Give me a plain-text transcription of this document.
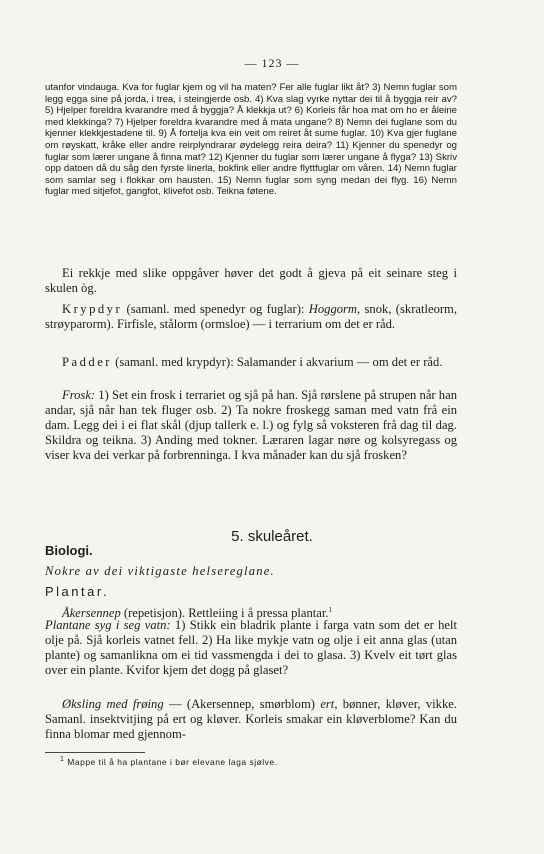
— 123 —
utanfor vindauga. Kva for fuglar kjem og vil ha maten? Fer alle fuglar likt åt? 3) Nemn fuglar som legg egga sine på jorda, i trea, i steingjerde osb. 4) Kva slag vyrke nyttar dei til å byggja reir av? 5) Hjelper foreldra kvarandre med å byggja? Å klekkja ut? 6) Korleis får hoa mat om ho er åleine med klekkinga? 7) Hjelper foreldra kvarandre med å mata ungane? 8) Nemn dei fuglane som du kjenner klekkjestadene til. 9) Å fortelja kva ein veit om reiret åt sume fuglar. 10) Kva gjer fuglane om røyskatt, kråke eller andre reirplyndrarar øydelegg reira deira? 11) Kjenner du spenedyr og fuglar som lærer ungane å finna mat? 12) Kjenner du fuglar som lærer ungane å flyga? 13) Skriv opp datoen då du såg den fyrste linerla, bokfink eller andre flyttfuglar om våren. 14) Nemn fuglar som samlar seg i flokkar om hausten. 15) Nemn fuglar som syng medan dei flyg. 16) Nemn fuglar med sitjefot, gangfot, klivefot osb. Teikna føtene.

Ei rekkje med slike oppgåver høver det godt å gjeva på eit seinare steg i skulen òg.

Krypdyr (samanl. med spenedyr og fuglar): Hoggorm, snok, (skratleorm, strøyparorm). Firfisle, stålorm (ormsloe) — i terrarium om det er råd.

Padder (samanl. med krypdyr): Salamander i akvarium — om det er råd.

Frosk: 1) Set ein frosk i terrariet og sjå på han. Sjå rørslene på strupen når han andar, sjå når han tek fluger osb. 2) Ta nokre froskegg saman med vatn frå ein dam. Legg dei i ei flat skål (djup tallerk e. l.) og fylg så voksteren frå dag til dag. Skildra og teikna. 3) Anding med tokner. Læraren lagar nøre og kolsyregass og viser kva dei verkar på forbrenninga. I kva månader kan du sjå frosken?

5. skuleåret.
Biologi.

Nokre av dei viktigaste helsereglane.

Plantar.

Åkersennep (repetisjon). Rettleiing i å pressa plantar.$^1$

Plantane syg i seg vatn: 1) Stikk ein bladrik plante i farga vatn som det er helt olje på. Sjå korleis vatnet fell. 2) Ha like mykje vatn og olje i eit anna glas (utan plante) og samanlikna om ei tid vassmengda i dei to glasa. 3) Kvelv eit tørt glas over ein plante. Kvifor kjem det dogg på glaset?

Øksling med frøing — (Akersennep, smørblom) ert, bønner, kløver, vikke. Samanl. insektvitjing på ert og kløver. Korleis smakar ein kløverblome? Kan du finna blomar med gjennom-

$^1$ Mappe til å ha plantane i bør elevane laga sjølve.
